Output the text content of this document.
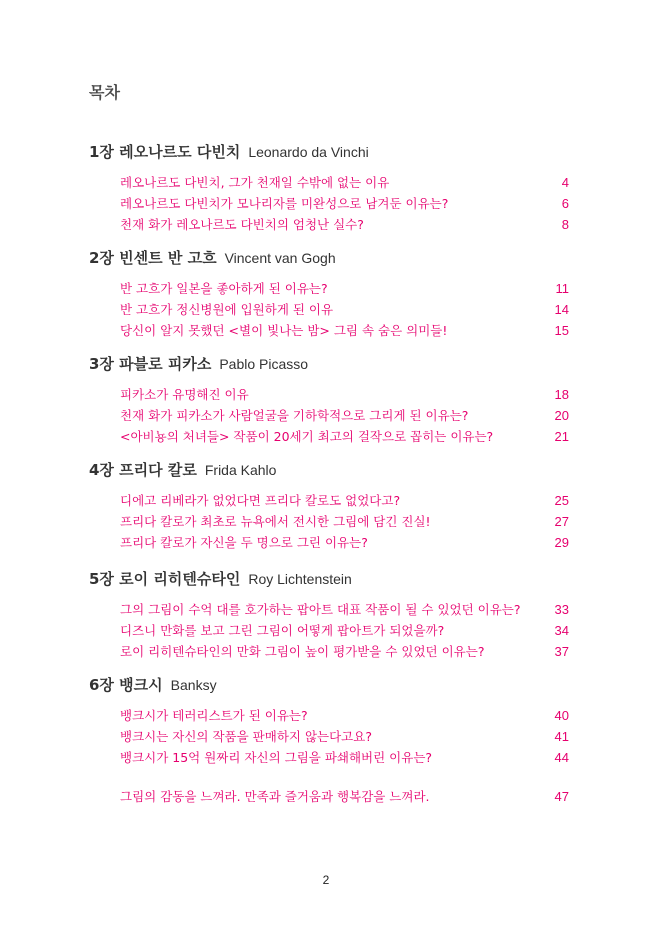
목차
1장 레오나르도 다빈치 Leonardo da Vinchi
레오나르도 다빈치, 그가 천재일 수밖에 없는 이유	4
레오나르도 다빈치가 모나리자를 미완성으로 남겨둔 이유는?	6
천재 화가 레오나르도 다빈치의 엄청난 실수?	8
2장 빈센트 반 고흐 Vincent van Gogh
반 고흐가 일본을 좋아하게 된 이유는?	11
반 고흐가 정신병원에 입원하게 된 이유	14
당신이 알지 못했던 <별이 빛나는 밤> 그림 속 숨은 의미들!	15
3장 파블로 피카소 Pablo Picasso
피카소가 유명해진 이유	18
천재 화가 피카소가 사람얼굴을 기하학적으로 그리게 된 이유는?	20
<아비뇽의 처녀들> 작품이 20세기 최고의 걸작으로 꼽히는 이유는?	21
4장 프리다 칼로 Frida Kahlo
디에고 리베라가 없었다면 프리다 칼로도 없었다고?	25
프리다 칼로가 최초로 뉴욕에서 전시한 그림에 담긴 진실!	27
프리다 칼로가 자신을 두 명으로 그린 이유는?	29
5장 로이 리히텐슈타인 Roy Lichtenstein
그의 그림이 수억 대를 호가하는 팝아트 대표 작품이 될 수 있었던 이유는?	33
디즈니 만화를 보고 그린 그림이 어떻게 팝아트가 되었을까?	34
로이 리히텐슈타인의 만화 그림이 높이 평가받을 수 있었던 이유는?	37
6장 뱅크시 Banksy
뱅크시가 테러리스트가 된 이유는?	40
뱅크시는 자신의 작품을 판매하지 않는다고요?	41
뱅크시가 15억 원짜리 자신의 그림을 파쇄해버린 이유는?	44
그림의 감동을 느껴라. 만족과 즐거움과 행복감을 느껴라.	47
2
